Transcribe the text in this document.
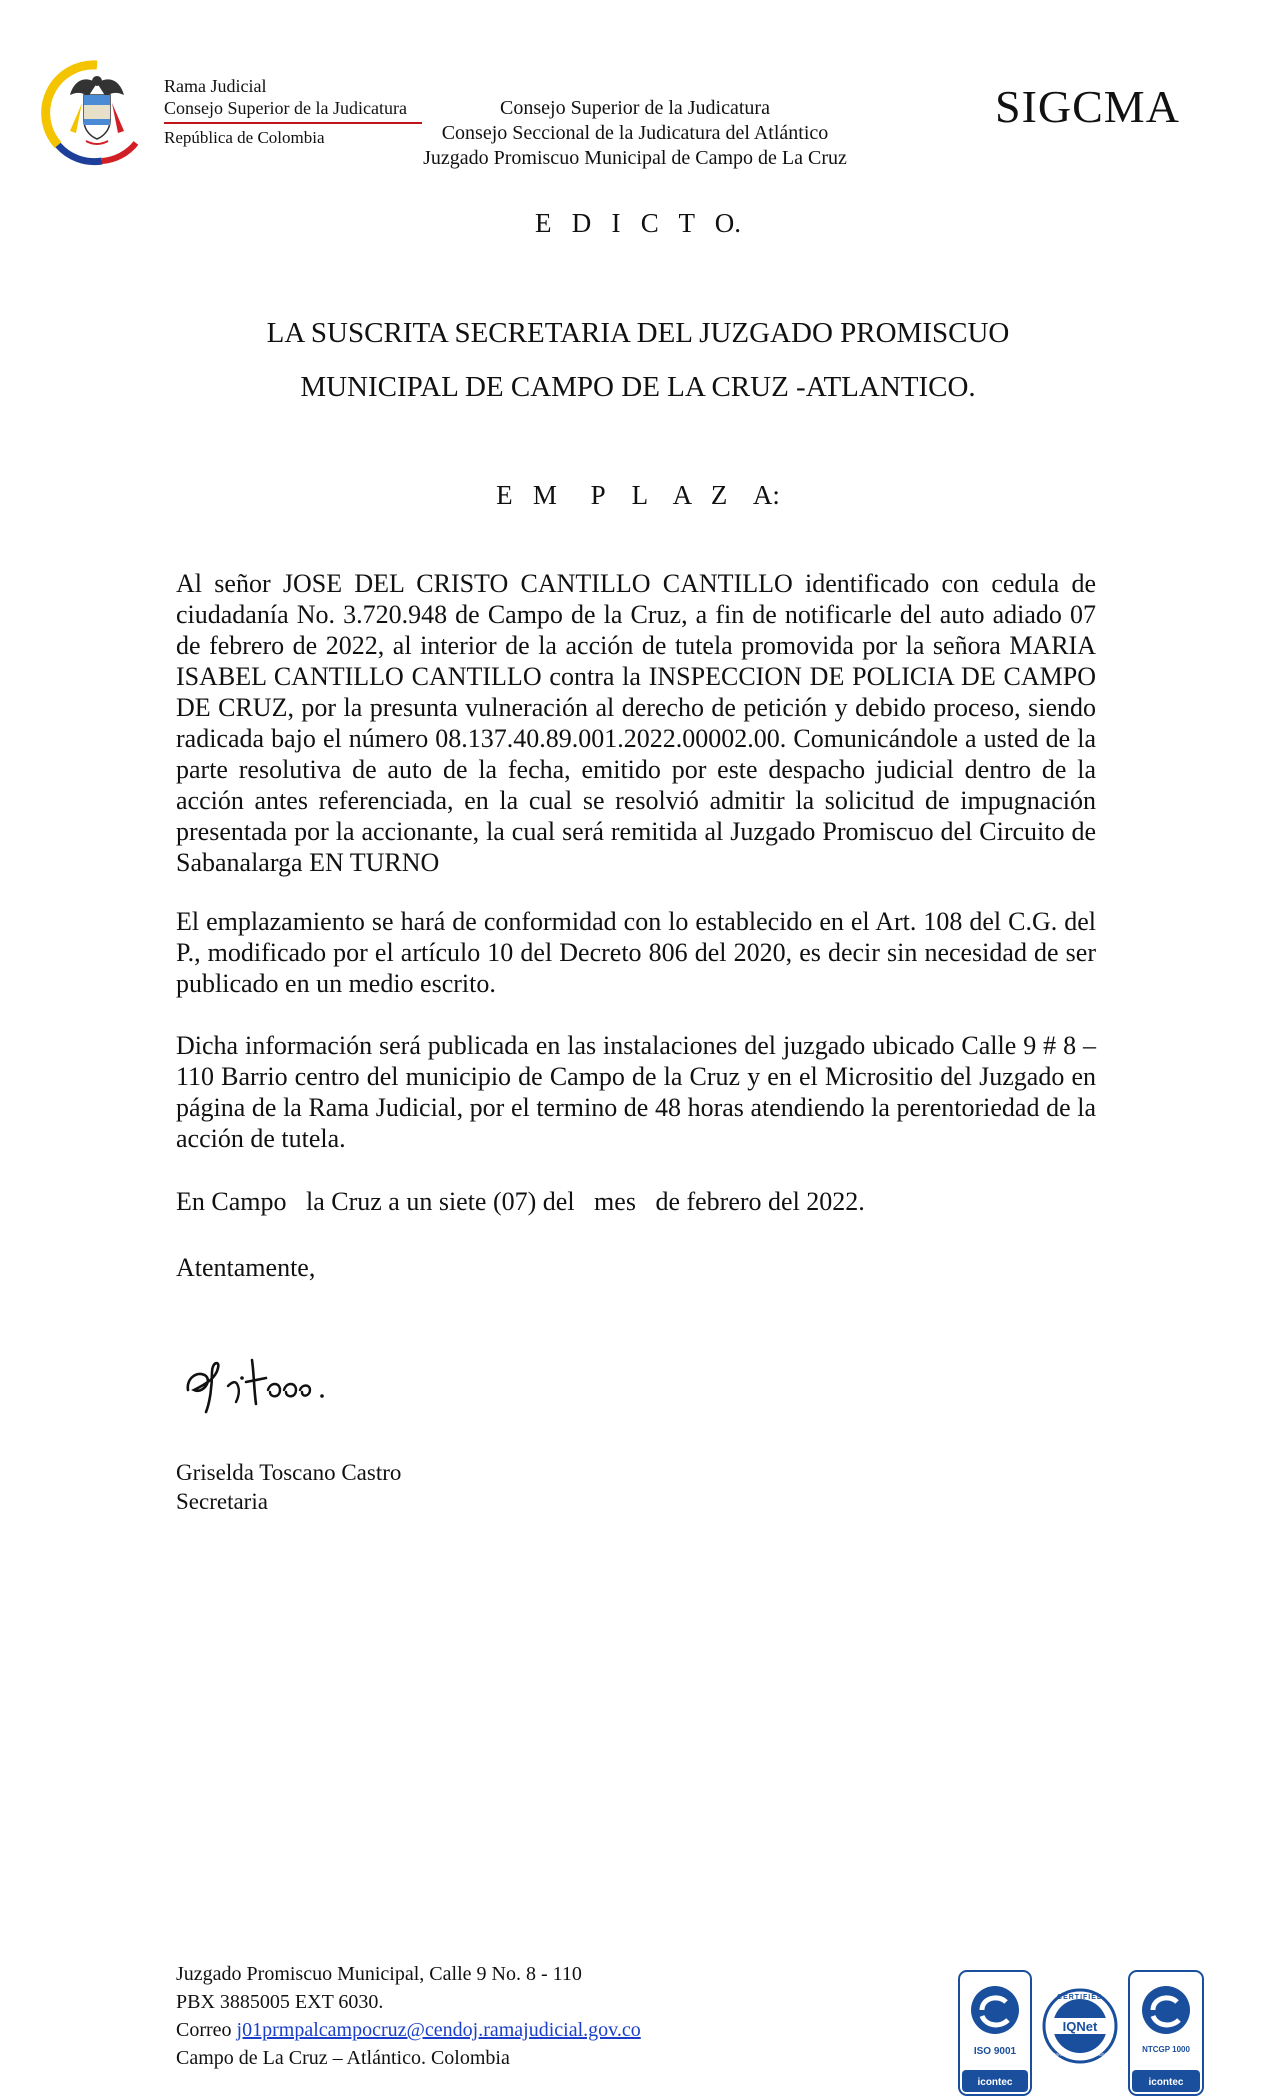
Rama Judicial
Consejo Superior de la Judicatura
República de Colombia
Consejo Superior de la Judicatura
Consejo Seccional de la Judicatura del Atlántico
Juzgado Promiscuo Municipal de Campo de La Cruz
SIGCMA
E   D   I   C   T   O.
LA SUSCRITA SECRETARIA DEL JUZGADO PROMISCUO
MUNICIPAL DE CAMPO DE LA CRUZ -ATLANTICO.
E   M     P    L    A   Z    A:
Al señor JOSE DEL CRISTO CANTILLO CANTILLO identificado con cedula de ciudadanía No. 3.720.948 de Campo de la Cruz, a fin de notificarle del auto adiado 07 de febrero de 2022, al interior de la acción de tutela promovida por la señora MARIA ISABEL CANTILLO CANTILLO contra la INSPECCION DE POLICIA DE CAMPO DE CRUZ, por la presunta vulneración al derecho de petición y debido proceso, siendo radicada bajo el número 08.137.40.89.001.2022.00002.00. Comunicándole a usted de la parte resolutiva de auto de la fecha, emitido por este despacho judicial dentro de la acción antes referenciada, en la cual se resolvió admitir la solicitud de impugnación presentada por la accionante, la cual será remitida al Juzgado Promiscuo del Circuito de Sabanalarga EN TURNO
El emplazamiento se hará de conformidad con lo establecido en el Art. 108 del C.G. del P., modificado por el artículo 10 del Decreto 806 del 2020, es decir sin necesidad de ser publicado en un medio escrito.
Dicha información será publicada en las instalaciones del juzgado ubicado Calle 9 # 8 – 110 Barrio centro del municipio de Campo de la Cruz y en el Micrositio del Juzgado en página de la Rama Judicial, por el termino de 48 horas atendiendo la perentoriedad de la acción de tutela.
En Campo   la Cruz a un siete (07) del   mes   de febrero del 2022.
Atentamente,
Griselda Toscano Castro
Secretaria
Juzgado Promiscuo Municipal, Calle 9 No. 8 - 110
PBX 3885005 EXT 6030.
Correo j01prmpalcampocruz@cendoj.ramajudicial.gov.co
Campo de La Cruz – Atlántico. Colombia	ISO 9001
icontec
CERTIFIED
IQNet
MANAGEMENT SYSTEM
NTCGP 1000
icontec
